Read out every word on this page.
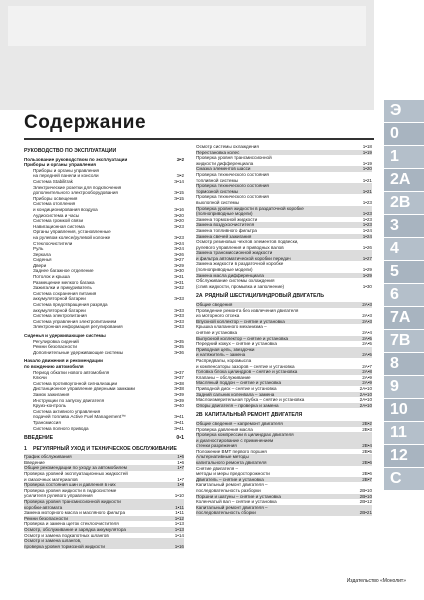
Содержание
РУКОВОДСТВО ПО ЭКСПЛУАТАЦИИ
Пользование руководством по эксплуатации	Э•2
Приборы и органы управления
Приборы и органы управления
на передней панели и консоли	Э•2
Система Stabilitrak	Э•14
Электрические розетки для подключения
дополнительного электрооборудования	Э•15
Приборы освещения	Э•15
Система отопления
и кондиционирования воздуха	Э•16
Аудиосистема и часы	Э•20
Система громкой связи	Э•20
Навигационная система	Э•23
Органы управления, установленные
на рулевом колесе/рулевой колонке	Э•23
Стеклоочистители	Э•24
Руль	Э•24
Зеркала	Э•26
Сиденья	Э•27
Двери	Э•29
Заднее багажное отделение	Э•30
Потолок и крыша	Э•31
Размещение мелкого багажа	Э•31
Зажигалки и прикуриватель	Э•32
Система сохранения питания
аккумуляторной батареи	Э•33
Система предотвращения разряда
аккумуляторной батареи	Э•33
Система электропитания	Э•33
Система управления электропитанием	Э•33
Электронная информация регулирования	Э•33
Сиденья и удерживающие системы
Регулировка сидений	Э•35
Ремни безопасности	Э•35
Дополнительные удерживающие системы	Э•36
Начало движения и рекомендации
по вождению автомобиля
Период обкатки нового автомобиля	Э•37
Ключи	Э•37
Система противоугонной сигнализации	Э•38
Дистанционное управление дверными замками	Э•38
Замок зажигания	Э•39
Инструкции по запуску двигателя	Э•39
Круиз-контроль	Э•40
Система активного управления
подачей топлива Active Fuel Management™	Э•41
Трансмиссия	Э•41
Система полного привода	Э•41
ВВЕДЕНИЕ	0•1
1 РЕГУЛЯРНЫЙ УХОД И ТЕХНИЧЕСКОЕ ОБСЛУЖИВАНИЕ
График обслуживания	1•6
Введение	1•6
Общие рекомендации по уходу за автомобилем	1•7
Проверка уровней эксплуатационных жидкостей
и смазочных материалов	1•7
Проверка состояния шин и давления в них	1•8
Проверка уровня жидкости в гидросистеме
усилителя рулевого управления	1•10
Проверка уровня трансмиссионной жидкости
коробки-автомата	1•11
Замена моторного масла и масляного фильтра	1•11
Ремни безопасности	1•12
Проверка и замена щеток стеклоочистителя	1•13
Осмотр, обслуживание и зарядка аккумулятора	1•13
Осмотр и замена подкапотных шлангов	1•14
Осмотр и замена шлангов,
проверка уровня тормозной жидкости	1•16
Осмотр системы охлаждения	1•18
Перестановка колес	1•19
Проверка уровня трансмиссионной
жидкости дифференциала	1•19
Смазка элементов шасси	1•20
Проверка технического состояния
топливной системы	1•21
Проверка технического состояния
тормозной системы	1•21
Проверка технического состояния
выхлопной системы	1•23
Проверка уровня жидкости в раздаточной коробке
(полноприводные модели)	1•23
Замена тормозной жидкости	1•23
Замена воздухоочистителя	1•23
Замена топливного фильтра	1•24
Замена свечей зажигания	1•24
Осмотр резиновых чехлов элементов подвески,
рулевого управления и приводных валов	1•26
Замена трансмиссионной жидкости
и фильтра автоматической коробки передач	1•27
Замена жидкости в раздаточной коробке
(полноприводные модели)	1•29
Замена масла дифференциала	1•29
Обслуживание системы охлаждения
(слив жидкости, промывка и заполнение)	1•30
2A РЯДНЫЙ ШЕСТИЦИЛИНДРОВЫЙ ДВИГАТЕЛЬ
Общие сведения	2A•3
Проведение ремонта без извлечения двигателя
из моторного отсека	2A•3
Впускной коллектор – снятие и установка	2A•3
Крышка клапанного механизма –
снятие и установка	2A•4
Выпускной коллектор – снятие и установка	2A•5
Передний кожух – снятие и установка	2A•5
Приводная цепь, звездочки
и натяжитель – замена	2A•5
Распредвалы, коромысла
и компенсаторы зазоров – снятие и установка	2A•7
Головка блока цилиндров – снятие и установка	2A•8
Клапаны – обслуживание	2A•9
Масляный поддон – снятие и установка	2A•9
Приводной диск – снятие и установка	2A•10
Задний сальник коленвала – замена	2A•10
Маслоизмерительная трубка – снятие и установка	2A•10
Опоры двигателя – проверка и замена	2A•10
2B КАПИТАЛЬНЫЙ РЕМОНТ ДВИГАТЕЛЯ
Общие сведения – капремонт двигателя	2B•2
Проверка давления масла	2B•3
Проверка компрессии в цилиндрах двигателя
и диагностирование с применением
стенки разрежения	2B•4
Положение ВМТ первого поршня	2B•5
Альтернативные методы
капитального ремонта двигателя	2B•6
Снятие двигателя –
методы и меры предосторожности	2B•6
Двигатель – снятие и установка	2B•7
Капитальный ремонт двигателя –
последовательность разборки	2B•10
Поршни и шатуны – снятие и установка	2B•10
Коленчатый вал – снятие и установка	2B•12
Капитальный ремонт двигателя –
последовательность сборки	2B•21
Э
0
1
2A
2B
3
4
5
6
7A
7B
8
9
10
11
12
C
Издательство «Монолит»
